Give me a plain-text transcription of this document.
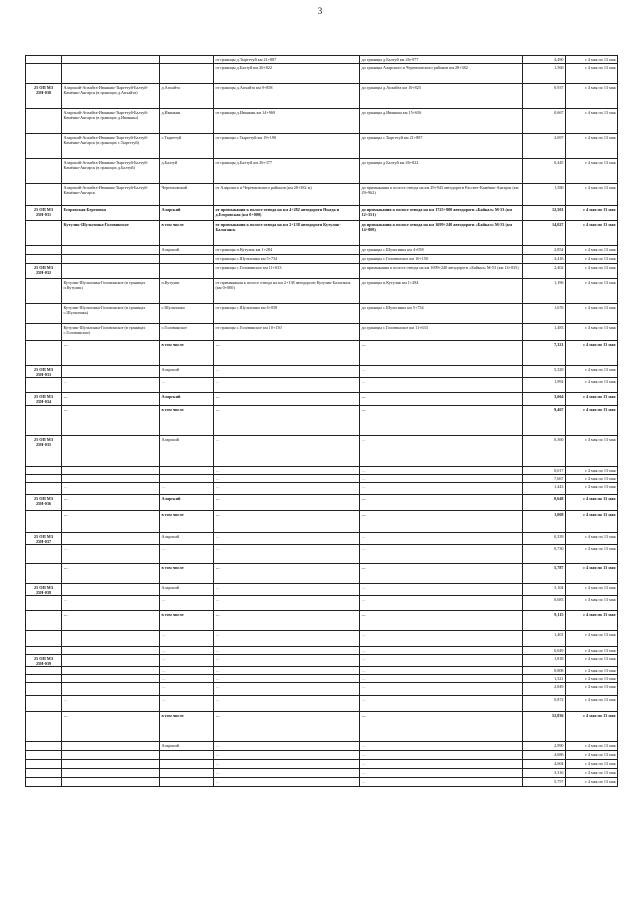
3
			от границы д.Тыргетуй км 21+887	до границы д.Балтуй км 26+977	4,490	с 4 мая по 13 мая
			от границы д.Балтуй км 26+822	до границы Аларского и Черемховского районов км 28+382	1,560	с 4 мая по 13 мая
25 ОП МЗ 25Н-030	Аларский-Апхайта-Иванкин-Тыргетуй-Балтуй-Камёнко-Ангарск (в границах д.Апхайта)	д.Апхайта	от границы д.Апхайта км 9+858	до границы д.Апхайта км 10+825	0,937	с 4 мая по 13 мая
	Аларский-Апхайта-Иванкин-Тыргетуй-Балтуй-Камёнко-Ангарск (в границах д.Иванкин)	д.Иванкин	от границы д.Иванкин км 14+969	до границы д.Иванкин км 15+656	0,667	с 4 мая по 13 мая
	Аларский-Апхайта-Иванкин-Тыргетуй-Балтуй-Камёнко-Ангарск (в границах с.Тыргетуй)	с.Тыргетуй	от границы с.Тыргетуй км 19+190	до границы с.Тыргетуй км 21+887	2,697	с 4 мая по 13 мая
	Аларский-Апхайта-Иванкин-Тыргетуй-Балтуй-Камёнко-Ангарск (в границах д.Балтуй)	д.Балтуй	от границы д.Балтуй км 26+377	до границы д.Балтуй км 26+822	0,445	с 4 мая по 13 мая
	Аларский-Апхайта-Иванкин-Тыргетуй-Балтуй-Камёнко-Ангарск	Черемховский	от Аларского и Черемховского районов (км 28+382 м)	до примыкания к полосе отвода на км 29+943 автодороги Рассвет-Камёнко-Ангарск (км 29+962)	1,580	с 4 мая по 13 мая
25 ОП МЗ 25Н-031	Егоровская-Березовка	Аларский	от примыкания к полосе отвода на км 4+282 автодороги Ныгда и д.Егоровская (км 0+000)	до примыкания к полосе отвода на км 1725+800 автодороги «Байкал» М-53 (км 12+551)	12,501	с 4 мая по 13 мая
	Кутулик-Шульгинка-Головинское	в том числе	от примыкания к полосе отвода на км 2+138 автодороги Кутулик-Балаганск	до примыкания к полосе отвода на км 1699+240 автодороги «Байкал» М-53 (км 14+008)	14,027	с 4 мая по 13 мая
		Аларский	от границы п.Кутулик км 1+284	до границы с.Шульгинка км 4+058	2,854	с 4 мая по 13 мая
			от границы с.Шульгинка км 5+734	до границы с.Головинское км 10+150	4,416	с 4 мая по 13 мая
25 ОП МЗ 25Н-032			от границы с.Головинское км 11+633	до примыкания к полосе отвода на км 1699+240 автодороги «Байкал» М-53 (км 14+035)	2,402	с 4 мая по 13 мая
	Кутулик-Шульгинка-Головинское (в границах п.Кутулик)	п.Кутулик	от примыкания к полосе отвода на км 2+138 автодороги Кутулик-Балаганск (км 0+000)	до границы п.Кутулик км 1+284	1,196	с 4 мая по 13 мая
	Кутулик-Шульгинка-Головинское (в границах с.Шульгинка)	с.Шульгинка	от границы с.Шульгинка км 4+058	до границы с.Шульгинка км 5+734	1,676	с 4 мая по 13 мая
	Кутулик-Шульгинка-Головинское (в границах с.Головинское)	с.Головинское	от границы с.Головинское км 10+150	до границы с.Головинское км 11+633	1,483	с 4 мая по 13 мая
	…	в том числе	…	…	7,321	с 4 мая по 13 мая
25 ОП МЗ 25Н-033		Аларский	…	…	5,329	с 4 мая по 13 мая
	…	…	…	…	1,992	с 4 мая по 13 мая
25 ОП МЗ 25Н-034	…	Аларский	…	…	3,664	с 4 мая по 13 мая
	…	в том числе	…	…	9,467	с 4 мая по 13 мая
25 ОП МЗ 25Н-035		Аларский	…	…	0,360	с 4 мая по 13 мая
			…	…	0,017	с 4 мая по 13 мая
			…	…	7,667	с 4 мая по 13 мая
	…	…	…	…	1,443	с 4 мая по 13 мая
25 ОП МЗ 25Н-036	…	Аларский	…	…	0,648	с 4 мая по 13 мая
	…	в том числе	…	…	1,069	с 4 мая по 13 мая
25 ОП МЗ 25Н-037		Аларский	…	…	0,339	с 4 мая по 13 мая
	…	…	…	…	0,730	с 4 мая по 13 мая
	…	в том числе	…	…	5,787	с 4 мая по 13 мая
25 ОП МЗ 25Н-038		Аларский	…	…	5,104	с 4 мая по 13 мая
	…	…	…	…	0,683	с 4 мая по 13 мая
	…	в том числе	…	…	9,115	с 4 мая по 13 мая
		…	…	…	1,401	с 4 мая по 13 мая
		…	…	…	0,049	с 4 мая по 13 мая
25 ОП МЗ 25Н-039		…	…	…	1,818	с 4 мая по 13 мая
		…	…	…	0,808	с 4 мая по 13 мая
		…	…	…	1,321	с 4 мая по 13 мая
		…	…	…	2,849	с 4 мая по 13 мая
	…	…	…	…	0,872	с 4 мая по 13 мая
	…	в том числе	…	…	52,836	с 4 мая по 13 мая
		Аларский	…	…	2,990	с 4 мая по 13 мая
			…	…	4,686	с 4 мая по 13 мая
			…	…	4,604	с 4 мая по 13 мая
			…	…	3,316	с 4 мая по 13 мая
			…	…	5,757	с 4 мая по 13 мая
